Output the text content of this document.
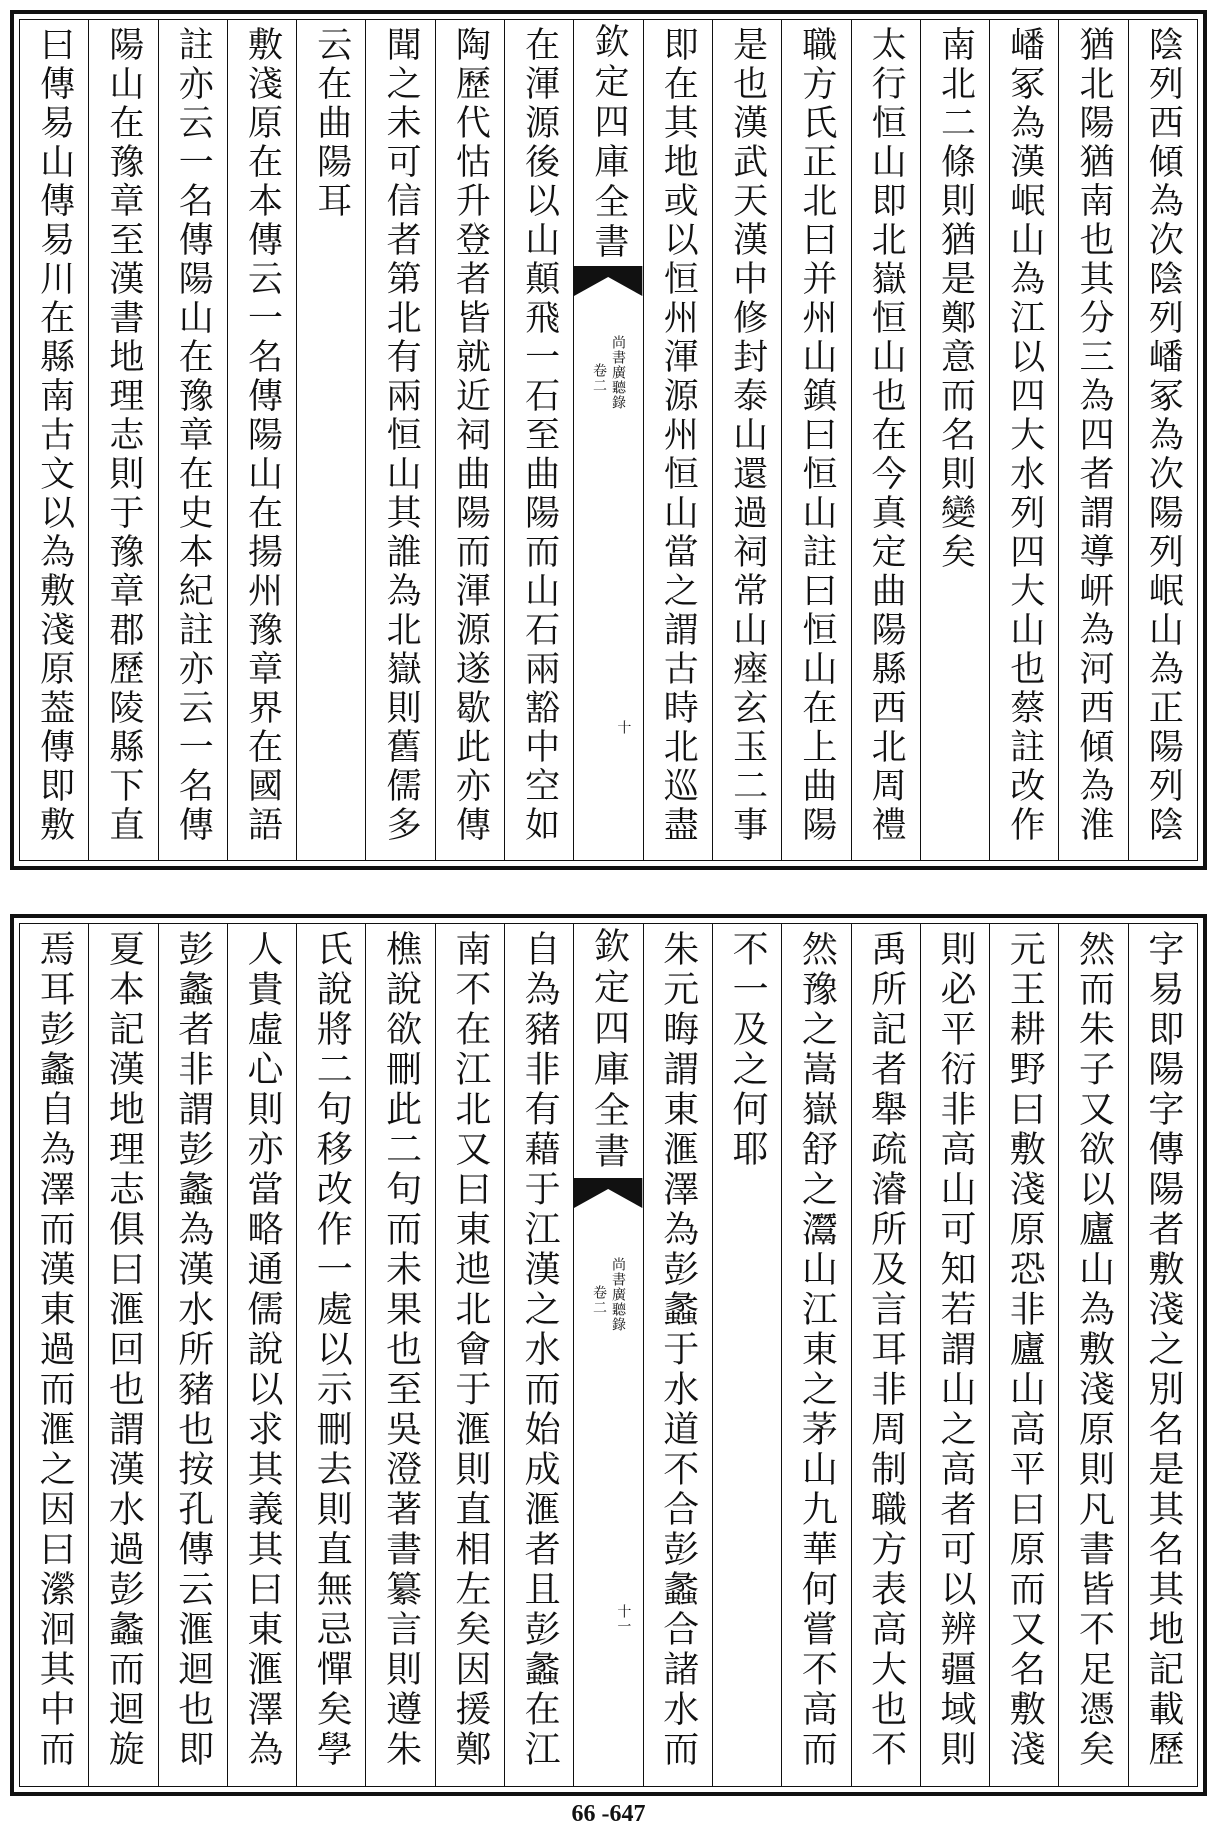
陰列西傾為次陰列嶓冢為次陽列岷山為正陽列陰
猶北陽猶南也其分三為四者謂導岍為河西傾為淮
嶓冢為漢岷山為江以四大水列四大山也蔡註改作
南北二條則猶是鄭意而名則變矣
太行恒山即北嶽恒山也在今真定曲陽縣西北周禮
職方氏正北曰并州山鎮曰恒山註曰恒山在上曲陽
是也漢武天漢中修封泰山還過祠常山瘞玄玉二事
即在其地或以恒州渾源州恒山當之謂古時北巡盡
欽定四庫全書
尚書廣聽錄
卷二
十
在渾源後以山顛飛一石至曲陽而山石兩豁中空如
陶歷代怙升登者皆就近祠曲陽而渾源遂歇此亦傳
聞之未可信者第北有兩恒山其誰為北嶽則舊儒多
云在曲陽耳
敷淺原在本傳云一名傳陽山在揚州豫章界在國語
註亦云一名傳陽山在豫章在史本紀註亦云一名傳
陽山在豫章至漢書地理志則于豫章郡歷陵縣下直
曰傳易山傳易川在縣南古文以為敷淺原葢傳即敷
字易即陽字傳陽者敷淺之別名是其名其地記載歷
然而朱子又欲以廬山為敷淺原則凡書皆不足憑矣
元王耕野曰敷淺原恐非廬山高平曰原而又名敷淺
則必平衍非高山可知若謂山之高者可以辨疆域則
禹所記者舉疏濬所及言耳非周制職方表高大也不
然豫之嵩嶽舒之灊山江東之茅山九華何嘗不高而
不一及之何耶
朱元晦謂東滙澤為彭蠡于水道不合彭蠡合諸水而
欽定四庫全書
尚書廣聽錄
卷二
十一
自為豬非有藉于江漢之水而始成滙者且彭蠡在江
南不在江北又曰東迆北會于滙則直相左矣因援鄭
樵說欲刪此二句而未果也至吳澄著書纂言則遵朱
氏說將二句移改作一處以示刪去則直無忌憚矣學
人貴虛心則亦當略通儒說以求其義其曰東滙澤為
彭蠡者非謂彭蠡為漢水所豬也按孔傳云滙迴也即
夏本記漢地理志俱曰滙回也謂漢水過彭蠡而迴旋
焉耳彭蠡自為澤而漢東過而滙之因曰瀠洄其中而
66 -647
